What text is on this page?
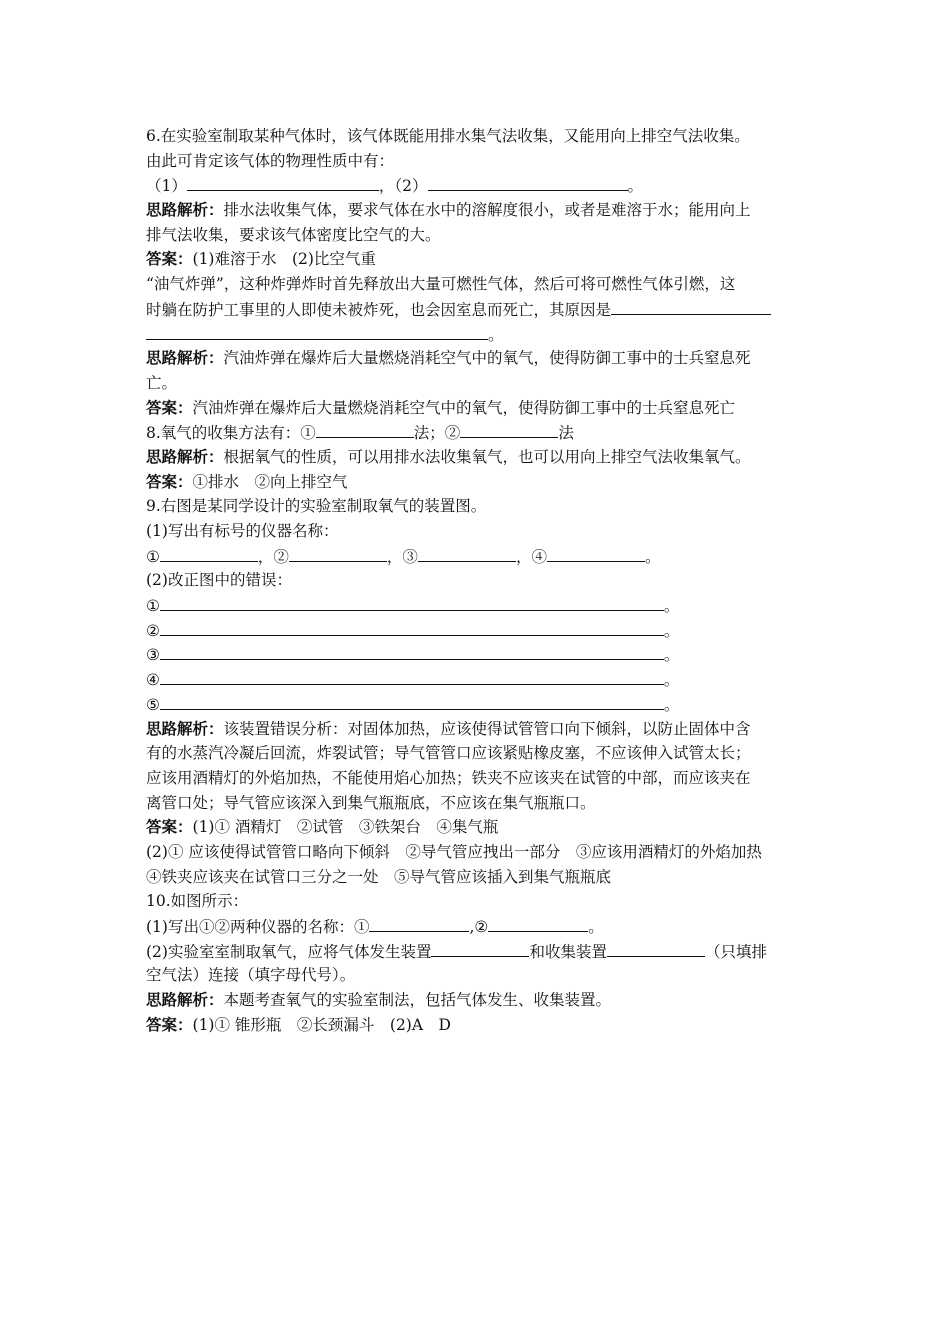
6.在实验室制取某种气体时，该气体既能用排水集气法收集，又能用向上排空气法收集。
由此可肯定该气体的物理性质中有：
（1）	，（2）	。
思路解析：排水法收集气体，要求气体在水中的溶解度很小，或者是难溶于水；能用向上
排气法收集，要求该气体密度比空气的大。
答案：(1)难溶于水　(2)比空气重
“油气炸弹”，这种炸弹炸时首先释放出大量可燃性气体，然后可将可燃性气体引燃，这
时躺在防护工事里的人即使未被炸死，也会因室息而死亡，其原因是
。
思路解析：汽油炸弹在爆炸后大量燃烧消耗空气中的氧气，使得防御工事中的士兵窒息死
亡。
答案：汽油炸弹在爆炸后大量燃烧消耗空气中的氧气，使得防御工事中的士兵窒息死亡
8.氧气的收集方法有：①	法；②	法
思路解析：根据氧气的性质，可以用排水法收集氧气，也可以用向上排空气法收集氧气。
答案：①排水　②向上排空气
9.右图是某同学设计的实验室制取氧气的装置图。
(1)写出有标号的仪器名称：
①	，②	，③	，④	。
(2)改正图中的错误：
①	。
②	。
③	。
④	。
⑤	。
思路解析：该装置错误分析：对固体加热，应该使得试管管口向下倾斜，以防止固体中含
有的水蒸汽冷凝后回流，炸裂试管；导气管管口应该紧贴橡皮塞，不应该伸入试管太长；
应该用酒精灯的外焰加热，不能使用焰心加热；铁夹不应该夹在试管的中部，而应该夹在
离管口处；导气管应该深入到集气瓶瓶底，不应该在集气瓶瓶口。
答案：(1)① 酒精灯　②试管　③铁架台　④集气瓶
(2)① 应该使得试管管口略向下倾斜　②导气管应拽出一部分　③应该用酒精灯的外焰加热
④铁夹应该夹在试管口三分之一处　⑤导气管应该插入到集气瓶瓶底
10.如图所示：
(1)写出①②两种仪器的名称：①	,②	。
(2)实验室室制取氧气，应将气体发生装置	和收集装置	（只填排
空气法）连接（填字母代号）。
思路解析：本题考查氧气的实验室制法，包括气体发生、收集装置。
答案：(1)① 锥形瓶　②长颈漏斗　(2)A　D
